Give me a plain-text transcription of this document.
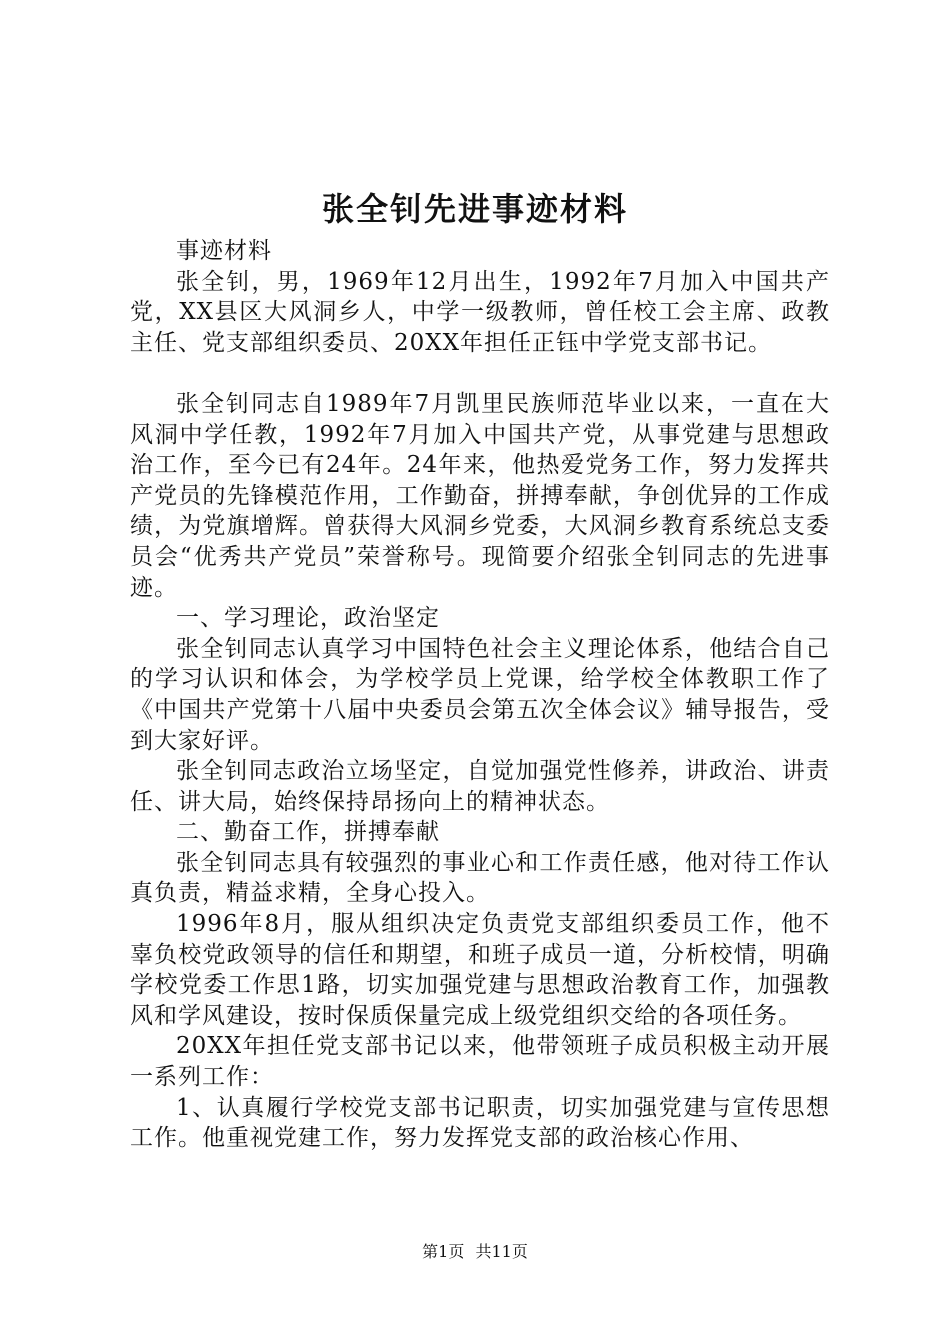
张全钊先进事迹材料

事迹材料

张全钊，男，1969年12月出生，1992年7月加入中国共产党，XX县区大风洞乡人，中学一级教师，曾任校工会主席、政教主任、党支部组织委员、20XX年担任正钰中学党支部书记。

张全钊同志自1989年7月凯里民族师范毕业以来，一直在大风洞中学任教，1992年7月加入中国共产党，从事党建与思想政治工作，至今已有24年。24年来，他热爱党务工作，努力发挥共产党员的先锋模范作用，工作勤奋，拼搏奉献，争创优异的工作成绩，为党旗增辉。曾获得大风洞乡党委，大风洞乡教育系统总支委员会“优秀共产党员”荣誉称号。现简要介绍张全钊同志的先进事迹。

一、学习理论，政治坚定

张全钊同志认真学习中国特色社会主义理论体系，他结合自己的学习认识和体会，为学校学员上党课，给学校全体教职工作了《中国共产党第十八届中央委员会第五次全体会议》辅导报告，受到大家好评。

张全钊同志政治立场坚定，自觉加强党性修养，讲政治、讲责任、讲大局，始终保持昂扬向上的精神状态。

二、勤奋工作，拼搏奉献

张全钊同志具有较强烈的事业心和工作责任感，他对待工作认真负责，精益求精，全身心投入。

1996年8月，服从组织决定负责党支部组织委员工作，他不辜负校党政领导的信任和期望，和班子成员一道，分析校情，明确学校党委工作思1路，切实加强党建与思想政治教育工作，加强教风和学风建设，按时保质保量完成上级党组织交给的各项任务。

20XX年担任党支部书记以来，他带领班子成员积极主动开展一系列工作：

1、认真履行学校党支部书记职责，切实加强党建与宣传思想工作。他重视党建工作，努力发挥党支部的政治核心作用、

第1页 共11页
